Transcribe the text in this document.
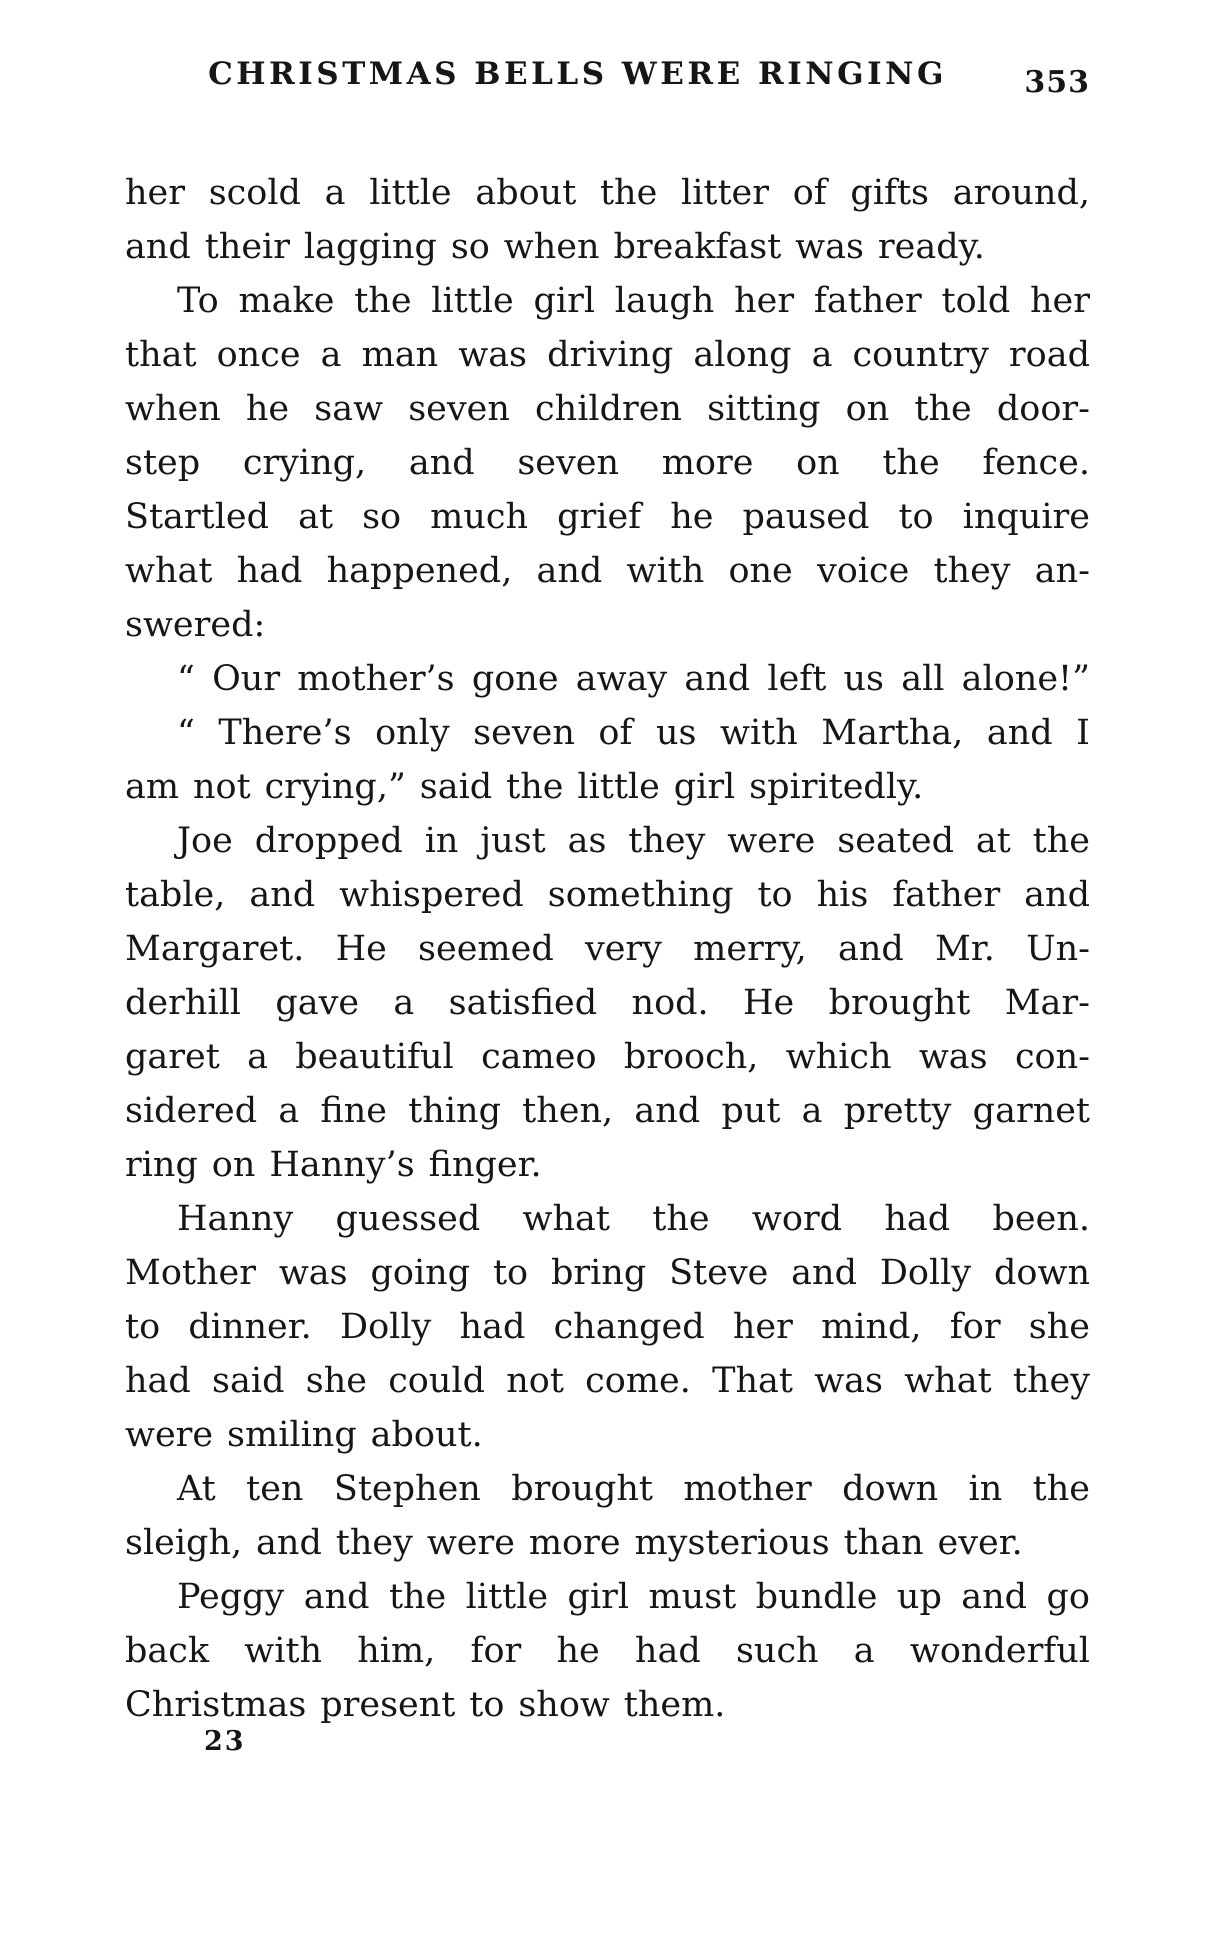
CHRISTMAS BELLS WERE RINGING	353
her scold a little about the litter of gifts around,
and their lagging so when breakfast was ready.
To make the little girl laugh her father told her
that once a man was driving along a country road
when he saw seven children sitting on the door-
step crying, and seven more on the fence.
Startled at so much grief he paused to inquire
what had happened, and with one voice they an-
swered:
“ Our mother’s gone away and left us all alone!”
“ There’s only seven of us with Martha, and I
am not crying,” said the little girl spiritedly.
Joe dropped in just as they were seated at the
table, and whispered something to his father and
Margaret. He seemed very merry, and Mr. Un-
derhill gave a satisfied nod. He brought Mar-
garet a beautiful cameo brooch, which was con-
sidered a fine thing then, and put a pretty garnet
ring on Hanny’s finger.
Hanny guessed what the word had been.
Mother was going to bring Steve and Dolly down
to dinner. Dolly had changed her mind, for she
had said she could not come. That was what they
were smiling about.
At ten Stephen brought mother down in the
sleigh, and they were more mysterious than ever.
Peggy and the little girl must bundle up and go
back with him, for he had such a wonderful
Christmas present to show them.
23
